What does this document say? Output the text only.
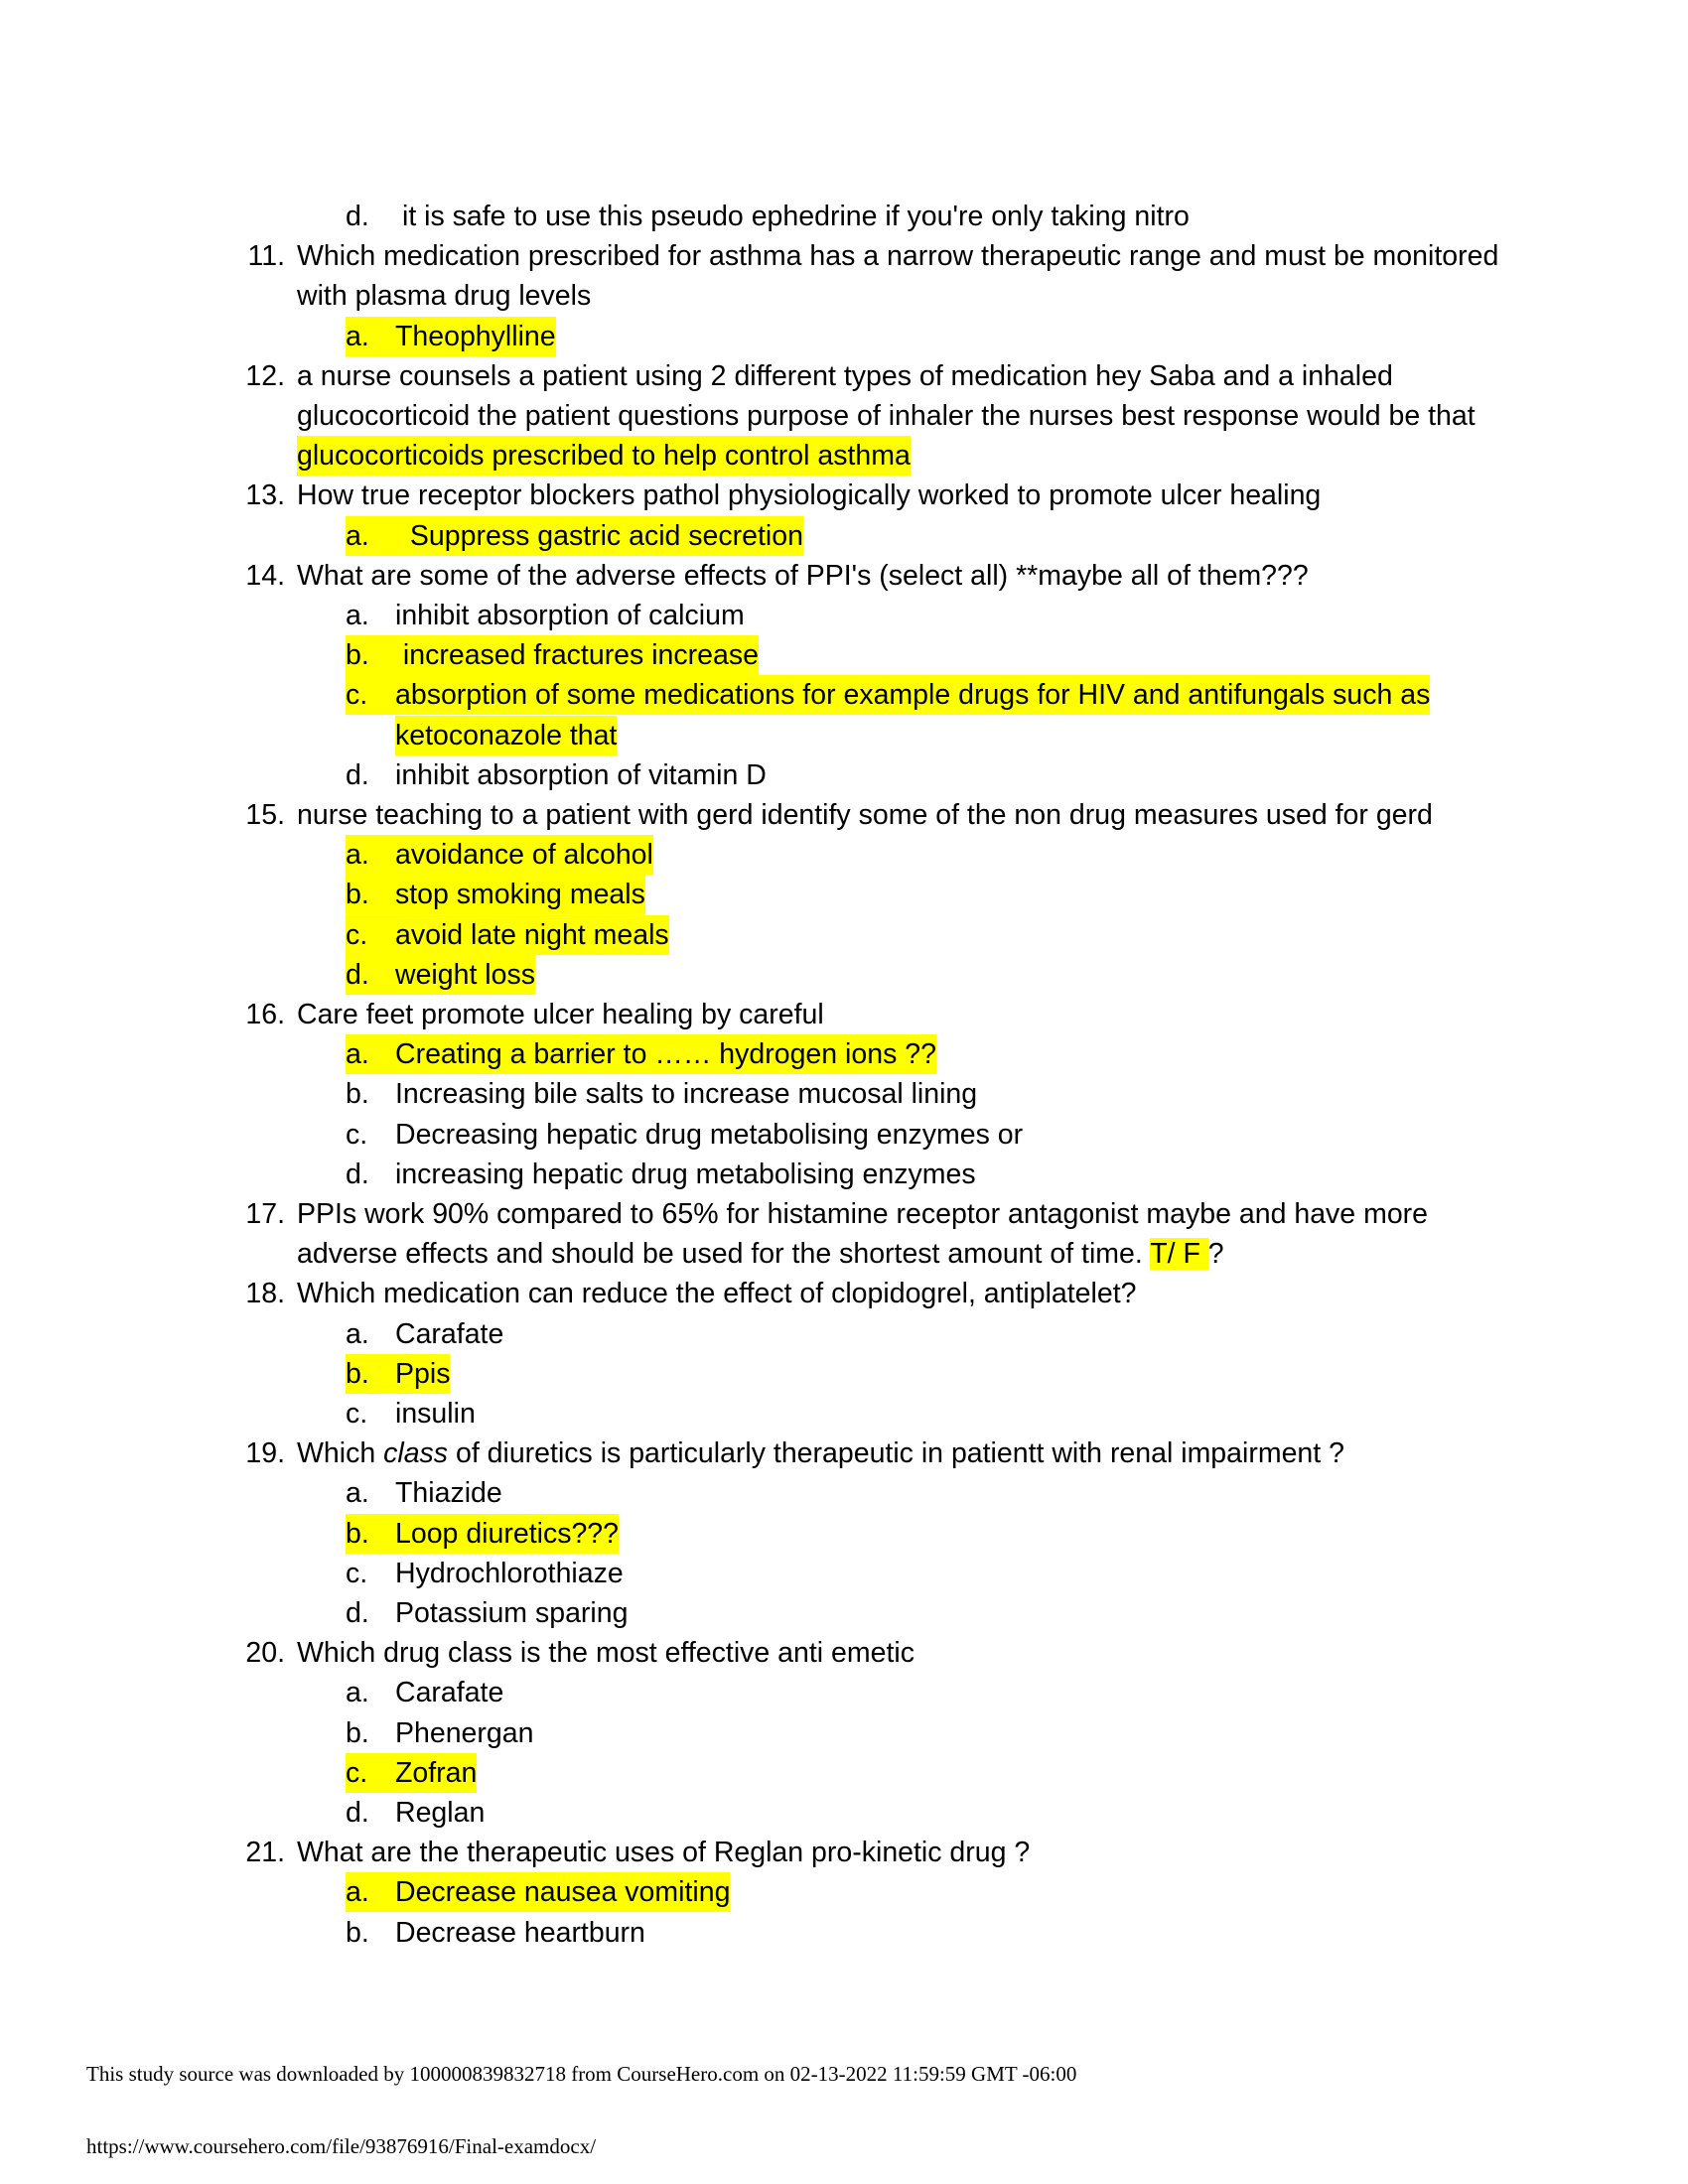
d. it is safe to use this pseudo ephedrine if you're only taking nitro
11. Which medication prescribed for asthma has a narrow therapeutic range and must be monitored
with plasma drug levels
a. Theophylline
12. a nurse counsels a patient using 2 different types of medication hey Saba and a inhaled
glucocorticoid the patient questions purpose of inhaler the nurses best response would be that
glucocorticoids prescribed to help control asthma
13. How true receptor blockers pathol physiologically worked to promote ulcer healing
a. Suppress gastric acid secretion
14. What are some of the adverse effects of PPI's (select all) **maybe all of them???
a. inhibit absorption of calcium
b. increased fractures increase
c. absorption of some medications for example drugs for HIV and antifungals such as
ketoconazole that
d. inhibit absorption of vitamin D
15. nurse teaching to a patient with gerd identify some of the non drug measures used for gerd
a. avoidance of alcohol
b. stop smoking meals
c. avoid late night meals
d. weight loss
16. Care feet promote ulcer healing by careful
a. Creating a barrier to …… hydrogen ions ??
b. Increasing bile salts to increase mucosal lining
c. Decreasing hepatic drug metabolising enzymes or
d. increasing hepatic drug metabolising enzymes
17. PPIs work 90% compared to 65% for histamine receptor antagonist maybe and have more
adverse effects and should be used for the shortest amount of time. T/ F ?
18. Which medication can reduce the effect of clopidogrel, antiplatelet?
a. Carafate
b. Ppis
c. insulin
19. Which class of diuretics is particularly therapeutic in patientt with renal impairment ?
a. Thiazide
b. Loop diuretics???
c. Hydrochlorothiaze
d. Potassium sparing
20. Which drug class is the most effective anti emetic
a. Carafate
b. Phenergan
c. Zofran
d. Reglan
21. What are the therapeutic uses of Reglan pro-kinetic drug ?
a. Decrease nausea vomiting
b. Decrease heartburn
This study source was downloaded by 100000839832718 from CourseHero.com on 02-13-2022 11:59:59 GMT -06:00
https://www.coursehero.com/file/93876916/Final-examdocx/
